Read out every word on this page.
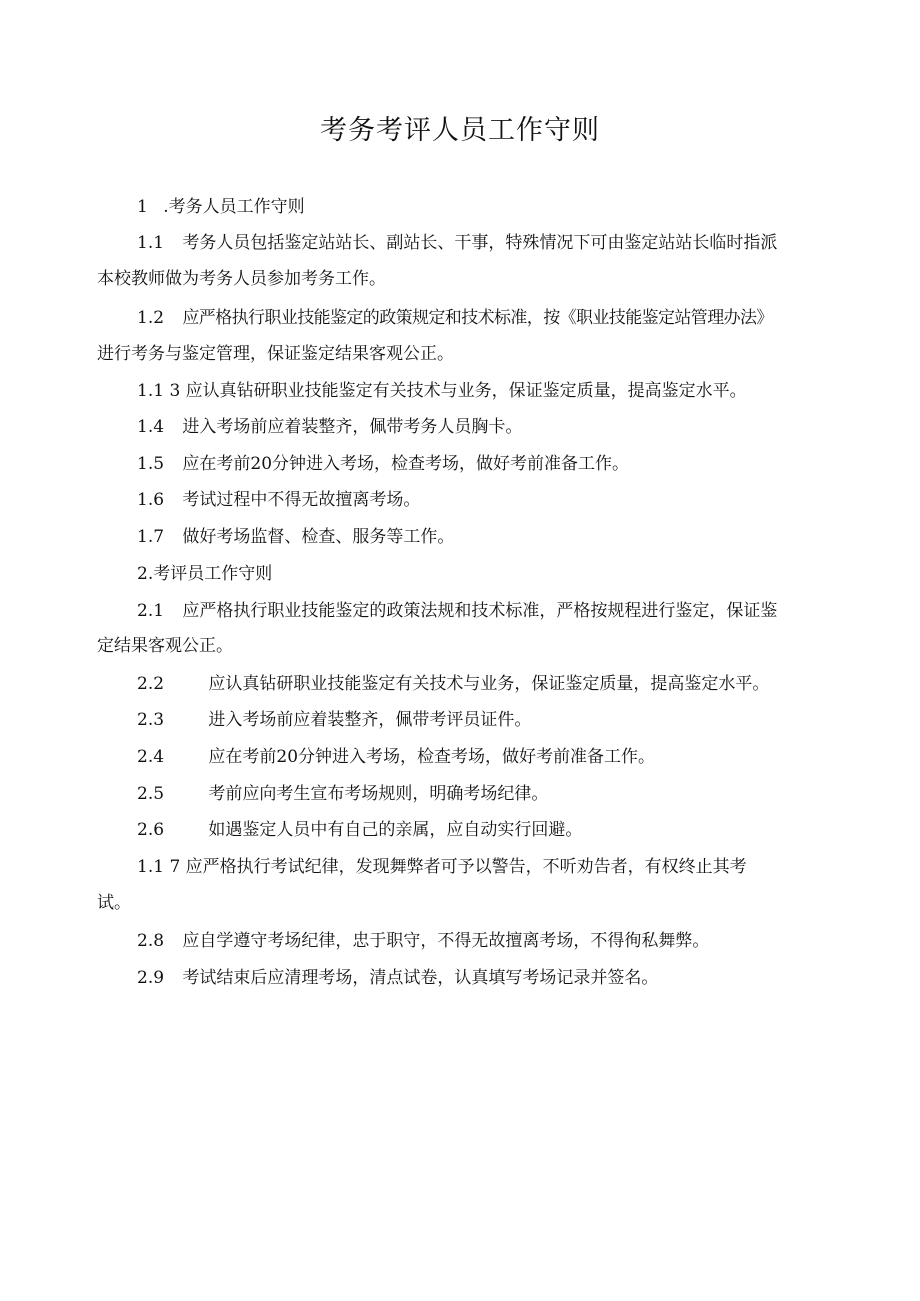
考务考评人员工作守则
1 .考务人员工作守则
1.1 考务人员包括鉴定站站长、副站长、干事，特殊情况下可由鉴定站站长临时指派
本校教师做为考务人员参加考务工作。
1.2 应严格执行职业技能鉴定的政策规定和技术标准，按《职业技能鉴定站管理办法》
进行考务与鉴定管理，保证鉴定结果客观公正。
1.1 3 应认真钻研职业技能鉴定有关技术与业务，保证鉴定质量，提高鉴定水平。
1.4 进入考场前应着装整齐，佩带考务人员胸卡。
1.5 应在考前20分钟进入考场，检查考场，做好考前准备工作。
1.6 考试过程中不得无故擅离考场。
1.7 做好考场监督、检查、服务等工作。
2.考评员工作守则
2.1 应严格执行职业技能鉴定的政策法规和技术标准，严格按规程进行鉴定，保证鉴
定结果客观公正。
2.2	应认真钻研职业技能鉴定有关技术与业务，保证鉴定质量，提高鉴定水平。
2.3	进入考场前应着装整齐，佩带考评员证件。
2.4	应在考前20分钟进入考场，检查考场，做好考前准备工作。
2.5	考前应向考生宣布考场规则，明确考场纪律。
2.6	如遇鉴定人员中有自己的亲属，应自动实行回避。
1.1 7 应严格执行考试纪律，发现舞弊者可予以警告，不听劝告者，有权终止其考
试。
2.8 应自学遵守考场纪律，忠于职守，不得无故擅离考场，不得徇私舞弊。
2.9 考试结束后应清理考场，清点试卷，认真填写考场记录并签名。
